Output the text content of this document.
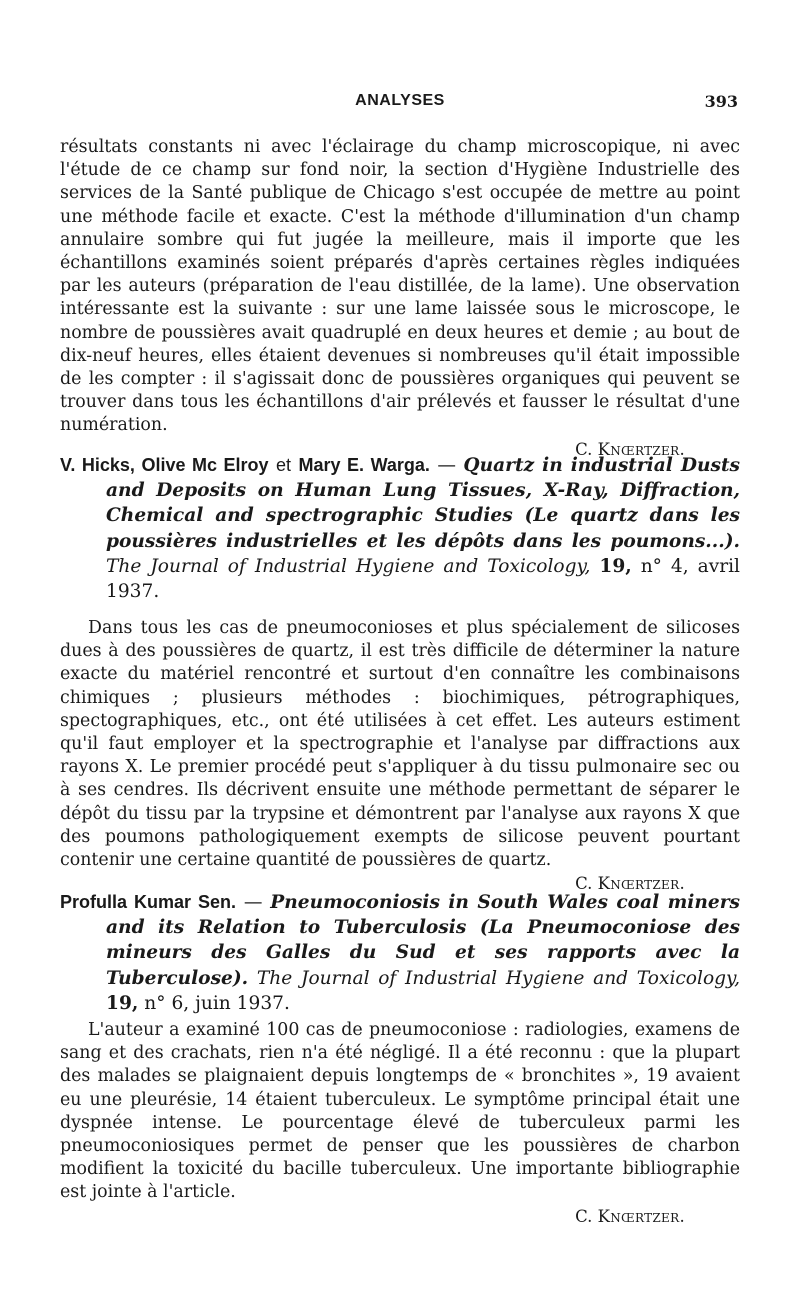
ANALYSES	393

résultats constants ni avec l'éclairage du champ microscopique, ni avec l'étude de ce champ sur fond noir, la section d'Hygiène Industrielle des services de la Santé publique de Chicago s'est occupée de mettre au point une méthode facile et exacte. C'est la méthode d'illumination d'un champ annulaire sombre qui fut jugée la meilleure, mais il importe que les échantillons examinés soient préparés d'après certaines règles indiquées par les auteurs (préparation de l'eau distillée, de la lame). Une observation intéressante est la suivante : sur une lame laissée sous le microscope, le nombre de poussières avait quadruplé en deux heures et demie ; au bout de dix-neuf heures, elles étaient devenues si nombreuses qu'il était impossible de les compter : il s'agissait donc de poussières organiques qui peuvent se trouver dans tous les échantillons d'air prélevés et fausser le résultat d'une numération.

C. Knœrtzer.

V. Hicks, Olive Mc Elroy et Mary E. Warga. — Quartz in industrial Dusts and Deposits on Human Lung Tissues, X-Ray, Diffraction, Chemical and spectrographic Studies (Le quartz dans les poussières industrielles et les dépôts dans les poumons...). The Journal of Industrial Hygiene and Toxicology, 19, n° 4, avril 1937.

Dans tous les cas de pneumoconioses et plus spécialement de silicoses dues à des poussières de quartz, il est très difficile de déterminer la nature exacte du matériel rencontré et surtout d'en connaître les combinaisons chimiques ; plusieurs méthodes : biochimiques, pétrographiques, spectographiques, etc., ont été utilisées à cet effet. Les auteurs estiment qu'il faut employer et la spectrographie et l'analyse par diffractions aux rayons X. Le premier procédé peut s'appliquer à du tissu pulmonaire sec ou à ses cendres. Ils décrivent ensuite une méthode permettant de séparer le dépôt du tissu par la trypsine et démontrent par l'analyse aux rayons X que des poumons pathologiquement exempts de silicose peuvent pourtant contenir une certaine quantité de poussières de quartz.

C. Knœrtzer.

Profulla Kumar Sen. — Pneumoconiosis in South Wales coal miners and its Relation to Tuberculosis (La Pneumoconiose des mineurs des Galles du Sud et ses rapports avec la Tuberculose). The Journal of Industrial Hygiene and Toxicology, 19, n° 6, juin 1937.

L'auteur a examiné 100 cas de pneumoconiose : radiologies, examens de sang et des crachats, rien n'a été négligé. Il a été reconnu : que la plupart des malades se plaignaient depuis longtemps de « bronchites », 19 avaient eu une pleurésie, 14 étaient tuberculeux. Le symptôme principal était une dyspnée intense. Le pourcentage élevé de tuberculeux parmi les pneumoconiosiques permet de penser que les poussières de charbon modifient la toxicité du bacille tuberculeux. Une importante bibliographie est jointe à l'article.

C. Knœrtzer.
